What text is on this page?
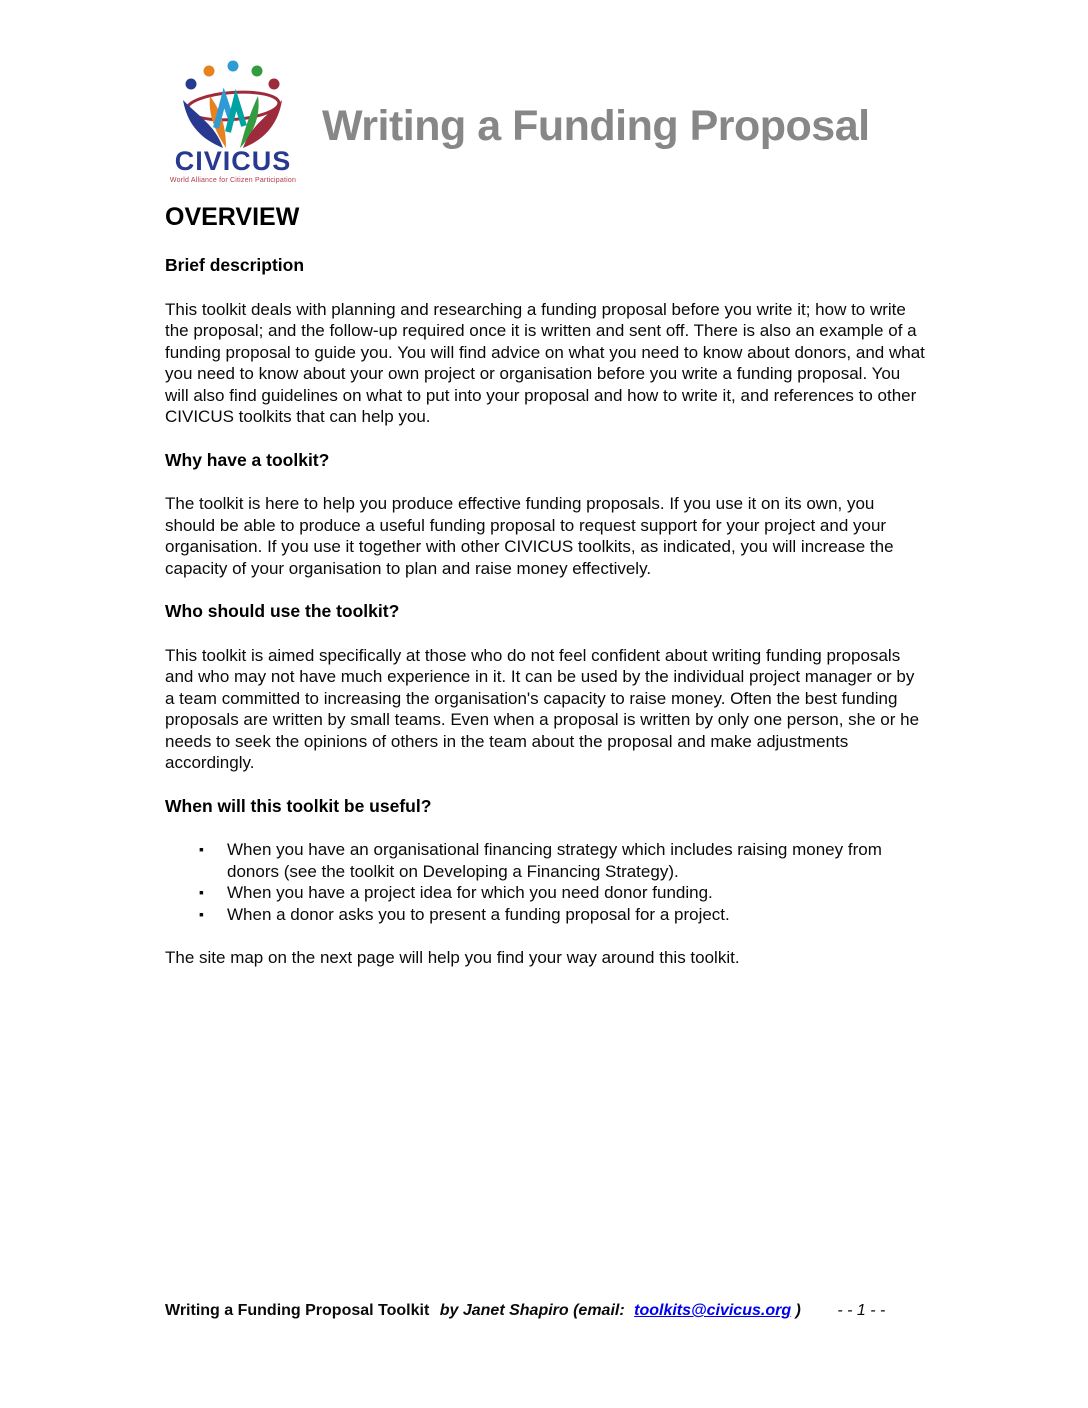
CIVICUS
World Alliance for Citizen Participation
Writing a Funding Proposal
OVERVIEW
Brief description

This toolkit deals with planning and researching a funding proposal before you write it; how to write the proposal; and the follow-up required once it is written and sent off. There is also an example of a funding proposal to guide you. You will find advice on what you need to know about donors, and what you need to know about your own project or organisation before you write a funding proposal. You will also find guidelines on what to put into your proposal and how to write it, and references to other CIVICUS toolkits that can help you.

Why have a toolkit?

The toolkit is here to help you produce effective funding proposals. If you use it on its own, you should be able to produce a useful funding proposal to request support for your project and your organisation. If you use it together with other CIVICUS toolkits, as indicated, you will increase the capacity of your organisation to plan and raise money effectively.

Who should use the toolkit?

This toolkit is aimed specifically at those who do not feel confident about writing funding proposals and who may not have much experience in it. It can be used by the individual project manager or by a team committed to increasing the organisation's capacity to raise money. Often the best funding proposals are written by small teams. Even when a proposal is written by only one person, she or he needs to seek the opinions of others in the team about the proposal and make adjustments accordingly.

When will this toolkit be useful?
▪ When you have an organisational financing strategy which includes raising money from donors (see the toolkit on Developing a Financing Strategy).
▪ When you have a project idea for which you need donor funding.
▪ When a donor asks you to present a funding proposal for a project.

The site map on the next page will help you find your way around this toolkit.

Writing a Funding Proposal Toolkit by Janet Shapiro (email: toolkits@civicus.org ) - - 1 - -
